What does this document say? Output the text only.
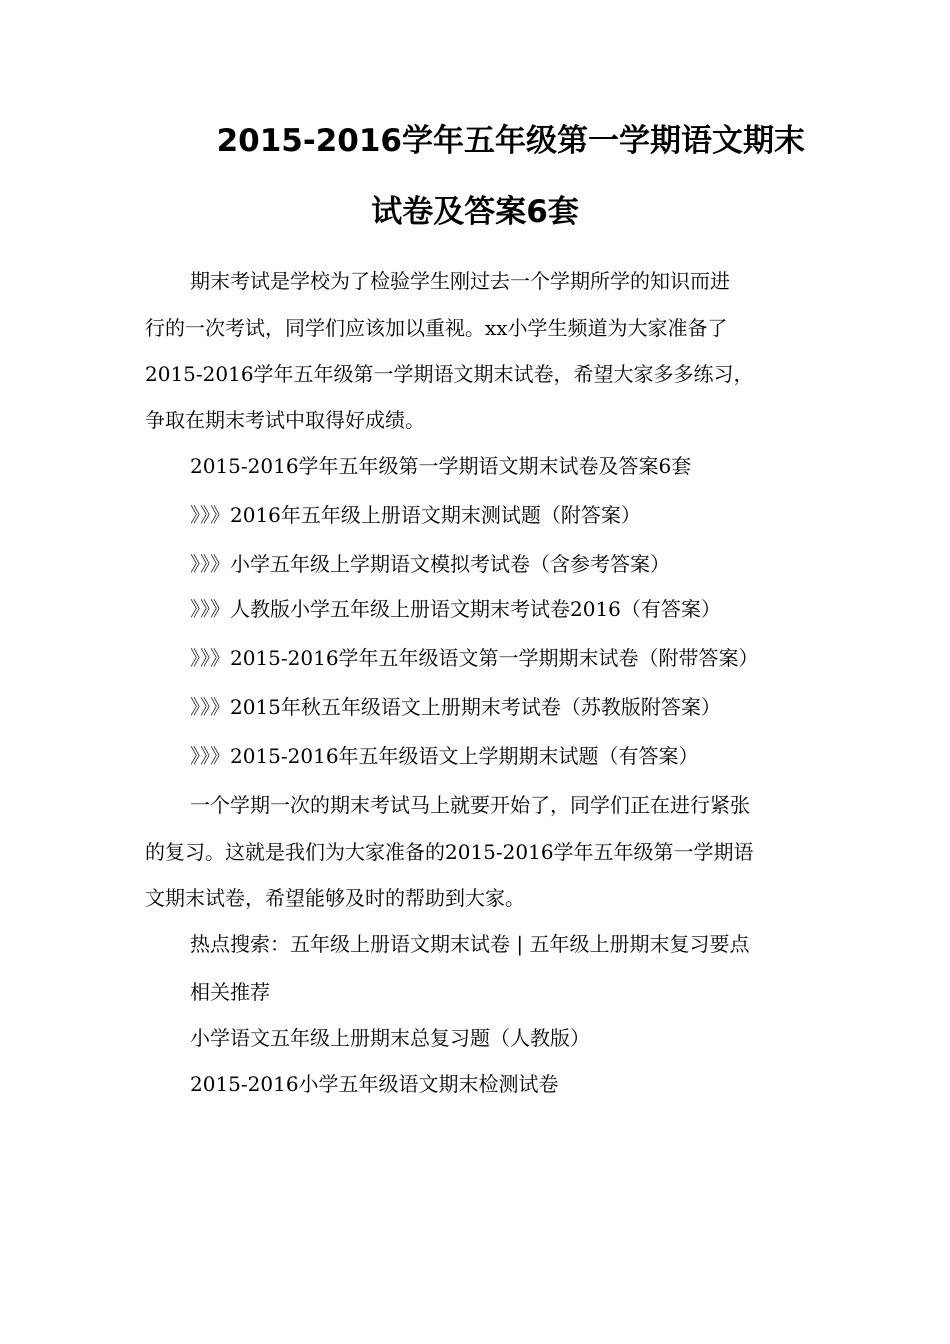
2015-2016学年五年级第一学期语文期末
试卷及答案6套
期末考试是学校为了检验学生刚过去一个学期所学的知识而进
行的一次考试，同学们应该加以重视。xx小学生频道为大家准备了
2015-2016学年五年级第一学期语文期末试卷，希望大家多多练习，
争取在期末考试中取得好成绩。
2015-2016学年五年级第一学期语文期末试卷及答案6套
》》》2016年五年级上册语文期末测试题（附答案）
》》》小学五年级上学期语文模拟考试卷（含参考答案）
》》》人教版小学五年级上册语文期末考试卷2016（有答案）
》》》2015-2016学年五年级语文第一学期期末试卷（附带答案）
》》》2015年秋五年级语文上册期末考试卷（苏教版附答案）
》》》2015-2016年五年级语文上学期期末试题（有答案）
一个学期一次的期末考试马上就要开始了，同学们正在进行紧张
的复习。这就是我们为大家准备的2015-2016学年五年级第一学期语
文期末试卷，希望能够及时的帮助到大家。
热点搜索：五年级上册语文期末试卷 | 五年级上册期末复习要点
相关推荐
小学语文五年级上册期末总复习题（人教版）
2015-2016小学五年级语文期末检测试卷
